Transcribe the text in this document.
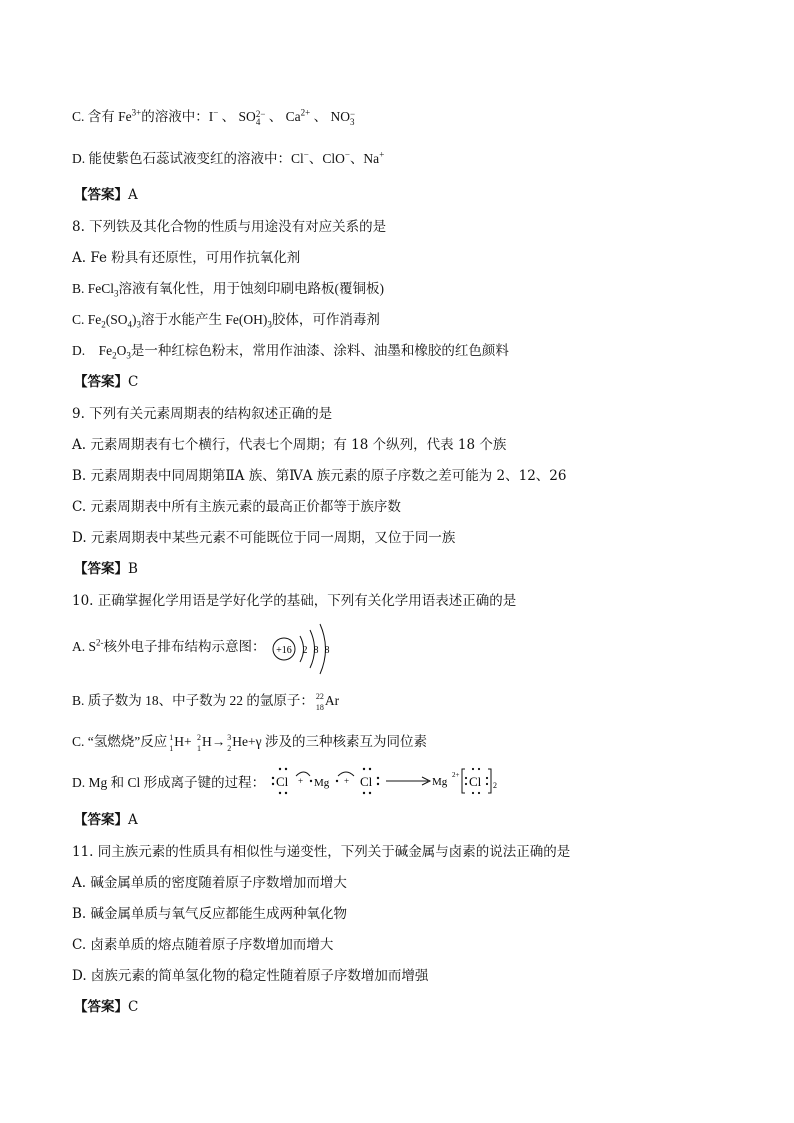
C. 含有 $Fe^{3+}$的溶液中：I− 、 SO 2−
4 、 $Ca^{2+}$ 、 NO −
3
D. 能使紫色石蕊试液变红的溶液中：Cl−、ClO−、Na+
【答案】A
8. 下列铁及其化合物的性质与用途没有对应关系的是
A. Fe 粉具有还原性，可用作抗氧化剂
B. FeCl$_3$溶液有氧化性，用于蚀刻印刷电路板(覆铜板)
C. $Fe_2(SO_4)_3$溶于水能产生 $Fe(OH)_3$胶体，可作消毒剂
D.    $Fe_2O_3$是一种红棕色粉末，常用作油漆、涂料、油墨和橡胶的红色颜料
【答案】C
9. 下列有关元素周期表的结构叙述正确的是
A. 元素周期表有七个横行，代表七个周期；有 18 个纵列，代表 18 个族
B. 元素周期表中同周期第ⅡA 族、第ⅣA 族元素的原子序数之差可能为 2、12、26
C. 元素周期表中所有主族元素的最高正价都等于族序数
D. 元素周期表中某些元素不可能既位于同一周期，又位于同一族
【答案】B
10. 正确掌握化学用语是学好化学的基础，下列有关化学用语表述正确的是
A. $S^{2-}$核外电子排布结构示意图： +16 2 8 8
B. 质子数为 18、中子数为 22 的氩原子： 22
18 Ar
C. “氢燃烧”反应 1
1 H+ 2
1 H→ 3
2 He+γ 涉及的三种核素互为同位素
D. Mg 和 Cl 形成离子键的过程： Cl + Mg + Cl	Mg
2+ Cl 2
【答案】A
11. 同主族元素的性质具有相似性与递变性，下列关于碱金属与卤素的说法正确的是
A. 碱金属单质的密度随着原子序数增加而增大
B. 碱金属单质与氧气反应都能生成两种氧化物
C. 卤素单质的熔点随着原子序数增加而增大
D. 卤族元素的简单氢化物的稳定性随着原子序数增加而增强
【答案】C
